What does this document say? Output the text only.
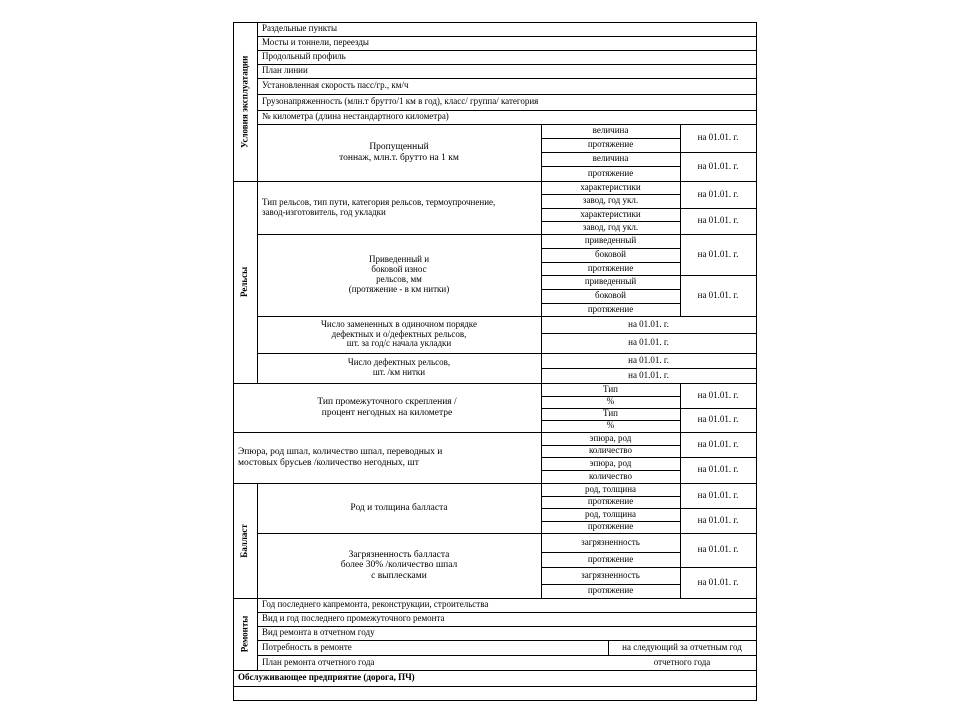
Условия эксплуатации
Раздельные пункты
Мосты и тоннели, переезды
Продольный профиль
План линии
Установленная скорость пасс/гр., км/ч
Грузонапряженность (млн.т брутто/1 км в год), класс/ группа/ категория
№ километра (длина нестандартного километра)
Пропущенный
тоннаж, млн.т. брутто на 1 км
величина
протяжение
величина
протяжение
на 01.01. г.
на 01.01. г.
Рельсы
Тип рельсов, тип пути, категория рельсов, термоупрочнение,
завод-изготовитель, год укладки
характеристики
завод, год укл.
характеристики
завод, год укл.
на 01.01. г.
на 01.01. г.
Приведенный и
боковой износ
рельсов, мм
(протяжение - в км нитки)
приведенный
боковой
протяжение
приведенный
боковой
протяжение
на 01.01. г.
на 01.01. г.
Число замененных в одиночном порядке
дефектных и о/дефектных рельсов,
шт. за год/с начала укладки
на 01.01. г.
на 01.01. г.
Число дефектных рельсов,
шт. /км нитки
на 01.01. г.
на 01.01. г.
Тип промежуточного скрепления /
процент негодных на километре
Тип
%
Тип
%
на 01.01. г.
на 01.01. г.
Эпюра, род шпал, количество шпал, переводных и
мостовых брусьев /количество негодных, шт
эпюра, род
количество
эпюра, род
количество
на 01.01. г.
на 01.01. г.
Балласт
Род и толщина балласта
род, толщина
протяжение
род, толщина
протяжение
на 01.01. г.
на 01.01. г.
Загрязненность балласта
более 30% /количество шпал
с выплесками
загрязненность
протяжение
загрязненность
протяжение
на 01.01. г.
на 01.01. г.
Ремонты
Год последнего капремонта, реконструкции, строительства
Вид и год последнего промежуточного ремонта
Вид ремонта в отчетном году
Потребность в ремонте	на следующий за отчетным год
План ремонта отчетного года	отчетного года
Обслуживающее предприятие (дорога, ПЧ)
